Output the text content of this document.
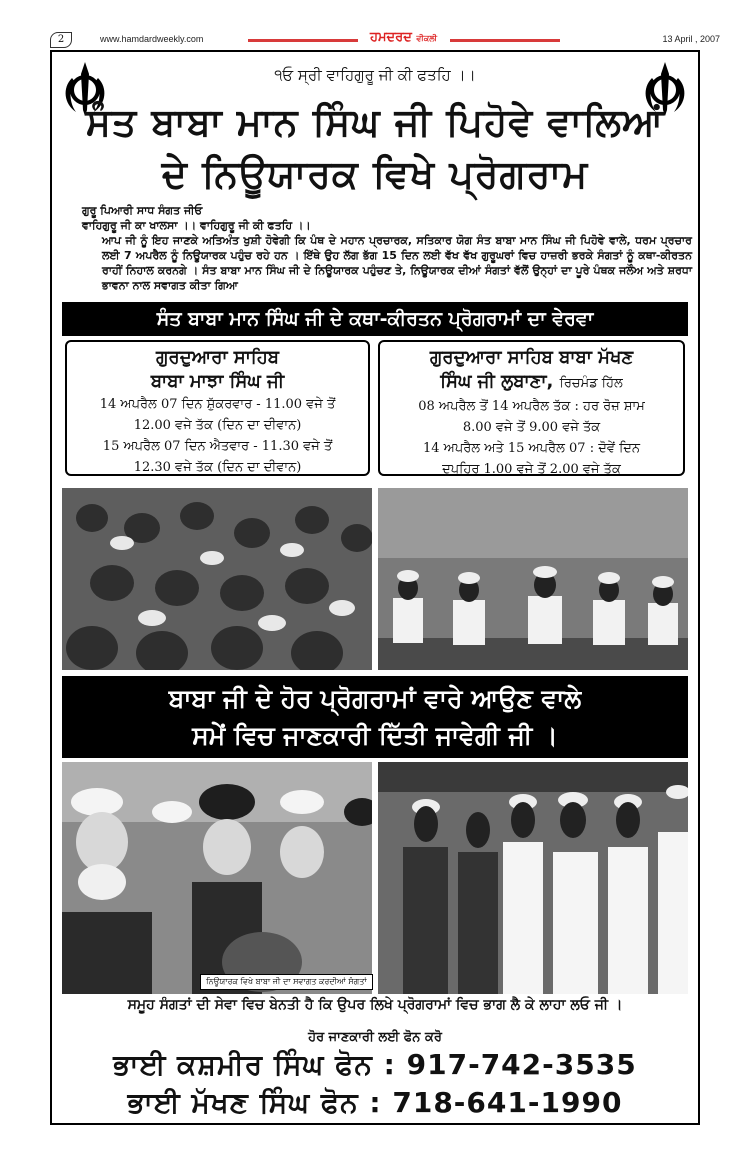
2	www.hamdardweekly.com	ਹਮਦਰਦ ਵੀਕਲੀ	13 April , 2007
੧ਓ ਸ੍ਰੀ ਵਾਹਿਗੁਰੂ ਜੀ ਕੀ ਫਤਹਿ ।।
ਸੰਤ ਬਾਬਾ ਮਾਨ ਸਿੰਘ ਜੀ ਪਿਹੋਵੇ ਵਾਲਿਆਂ
ਦੇ ਨਿਊਯਾਰਕ ਵਿਖੇ ਪ੍ਰੋਗਰਾਮ
ਗੁਰੂ ਪਿਆਰੀ ਸਾਧ ਸੰਗਤ ਜੀਓ
ਵਾਹਿਗੁਰੂ ਜੀ ਕਾ ਖਾਲਸਾ ।। ਵਾਹਿਗੁਰੂ ਜੀ ਕੀ ਫਤਹਿ ।।
ਆਪ ਜੀ ਨੂੰ ਇਹ ਜਾਣਕੇ ਅਤਿਅੰਤ ਖੁਸ਼ੀ ਹੋਵੇਗੀ ਕਿ ਪੰਥ ਦੇ ਮਹਾਨ ਪ੍ਰਚਾਰਕ, ਸਤਿਕਾਰ ਯੋਗ ਸੰਤ ਬਾਬਾ ਮਾਨ ਸਿੰਘ ਜੀ ਪਿਹੋਵੇ ਵਾਲੇ, ਧਰਮ ਪ੍ਰਚਾਰ ਲਈ 7 ਅਪਰੈਲ ਨੂੰ ਨਿਊਯਾਰਕ ਪਹੁੰਚ ਰਹੇ ਹਨ । ਇੱਥੇ ਉਹ ਲੱਗ ਭੱਗ 15 ਦਿਨ ਲਈ ਵੱਖ ਵੱਖ ਗੁਰੂਘਰਾਂ ਵਿਚ ਹਾਜ਼ਰੀ ਭਰਕੇ ਸੰਗਤਾਂ ਨੂੰ ਕਥਾ-ਕੀਰਤਨ ਰਾਹੀਂ ਨਿਹਾਲ ਕਰਨਗੇ । ਸੰਤ ਬਾਬਾ ਮਾਨ ਸਿੰਘ ਜੀ ਦੇ ਨਿਊਯਾਰਕ ਪਹੁੰਚਣ ਤੇ, ਨਿਊਯਾਰਕ ਦੀਆਂ ਸੰਗਤਾਂ ਵੱਲੋਂ ਉਨ੍ਹਾਂ ਦਾ ਪੂਰੇ ਪੰਥਕ ਜਲੌਅ ਅਤੇ ਸ਼ਰਧਾ ਭਾਵਨਾ ਨਾਲ ਸਵਾਗਤ ਕੀਤਾ ਗਿਆ
ਸੰਤ ਬਾਬਾ ਮਾਨ ਸਿੰਘ ਜੀ ਦੇ ਕਥਾ-ਕੀਰਤਨ ਪ੍ਰੋਗਰਾਮਾਂ ਦਾ ਵੇਰਵਾ
ਗੁਰਦੁਆਰਾ ਸਾਹਿਬ
ਬਾਬਾ ਮਾਝਾ ਸਿੰਘ ਜੀ
14 ਅਪਰੈਲ 07 ਦਿਨ ਸ਼ੁੱਕਰਵਾਰ - 11.00 ਵਜੇ ਤੋਂ
12.00 ਵਜੇ ਤੱਕ (ਦਿਨ ਦਾ ਦੀਵਾਨ)
15 ਅਪਰੈਲ 07 ਦਿਨ ਐਤਵਾਰ - 11.30 ਵਜੇ ਤੋਂ
12.30 ਵਜੇ ਤੱਕ (ਦਿਨ ਦਾ ਦੀਵਾਨ)
ਗੁਰਦੁਆਰਾ ਸਾਹਿਬ ਬਾਬਾ ਮੱਖਣ
ਸਿੰਘ ਜੀ ਲੁਬਾਣਾ, ਰਿਚਮੰਡ ਹਿੱਲ
08 ਅਪਰੈਲ ਤੋਂ 14 ਅਪਰੈਲ ਤੱਕ : ਹਰ ਰੋਜ਼ ਸ਼ਾਮ
8.00 ਵਜੇ ਤੋਂ 9.00 ਵਜੇ ਤੱਕ
14 ਅਪਰੈਲ ਅਤੇ 15 ਅਪਰੈਲ 07 : ਦੋਵੇਂ ਦਿਨ
ਦੁਪਹਿਰ 1.00 ਵਜੇ ਤੋਂ 2.00 ਵਜੇ ਤੱਕ
ਬਾਬਾ ਜੀ ਦੇ ਹੋਰ ਪ੍ਰੋਗਰਾਮਾਂ ਵਾਰੇ ਆਉਣ ਵਾਲੇ
ਸਮੇਂ ਵਿਚ ਜਾਣਕਾਰੀ ਦਿੱਤੀ ਜਾਵੇਗੀ ਜੀ ।
ਨਿਊਯਾਰਕ ਵਿਖੇ ਬਾਬਾ ਜੀ ਦਾ ਸਵਾਗਤ ਕਰਦੀਆਂ ਸੰਗਤਾਂ
ਸਮੂਹ ਸੰਗਤਾਂ ਦੀ ਸੇਵਾ ਵਿਚ ਬੇਨਤੀ ਹੈ ਕਿ ਉਪਰ ਲਿਖੇ ਪ੍ਰੋਗਰਾਮਾਂ ਵਿਚ ਭਾਗ ਲੈ ਕੇ ਲਾਹਾ ਲਓ ਜੀ ।
ਹੋਰ ਜਾਣਕਾਰੀ ਲਈ ਫੋਨ ਕਰੋ
ਭਾਈ ਕਸ਼ਮੀਰ ਸਿੰਘ ਫੋਨ : 917-742-3535
ਭਾਈ ਮੱਖਣ ਸਿੰਘ ਫੋਨ : 718-641-1990
